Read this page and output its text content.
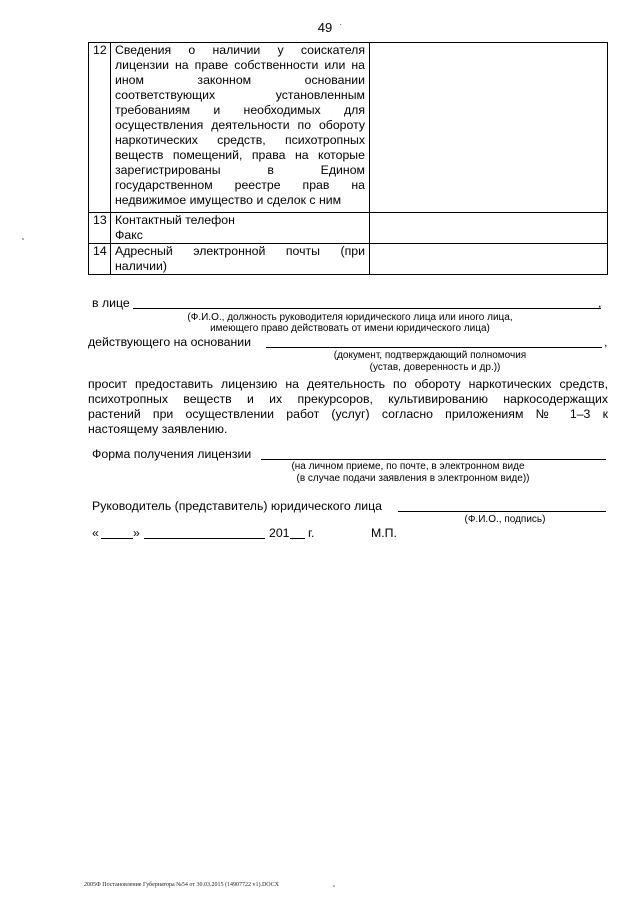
49 ·
12	Сведения о наличии у соискателя лицензии на праве собственности или на ином законном основании соответствующих установленным требованиям и необходимых для осуществления деятельности по обороту наркотических средств, психотропных веществ помещений, права на которые зарегистрированы в Едином государственном реестре прав на
недвижимое имущество и сделок с ним	

13	Контактный телефон
Факс	

14	Адресный электронной почты (при
наличии)	

в лице	,
(Ф.И.О., должность руководителя юридического лица или иного лица,
имеющего право действовать от имени юридического лица)
действующего на основании	,
(документ, подтверждающий полномочия
(устав, доверенность и др.))
просит предоставить лицензию на деятельность по обороту наркотических средств,
психотропных веществ и их прекурсоров, культивированию наркосодержащих
растений при осуществлении работ (услуг) согласно приложениям № 1–3 к
настоящему заявлению.
Форма получения лицензии
(на личном приеме, по почте, в электронном виде
(в случае подачи заявления в электронном виде))
Руководитель (представитель) юридического лица
(Ф.И.О., подпись)
«	»	201 г.	М.П.
2005Ф Постановление Губернатора №54 от 30.03.2015 (14907722 v1).DOCX
